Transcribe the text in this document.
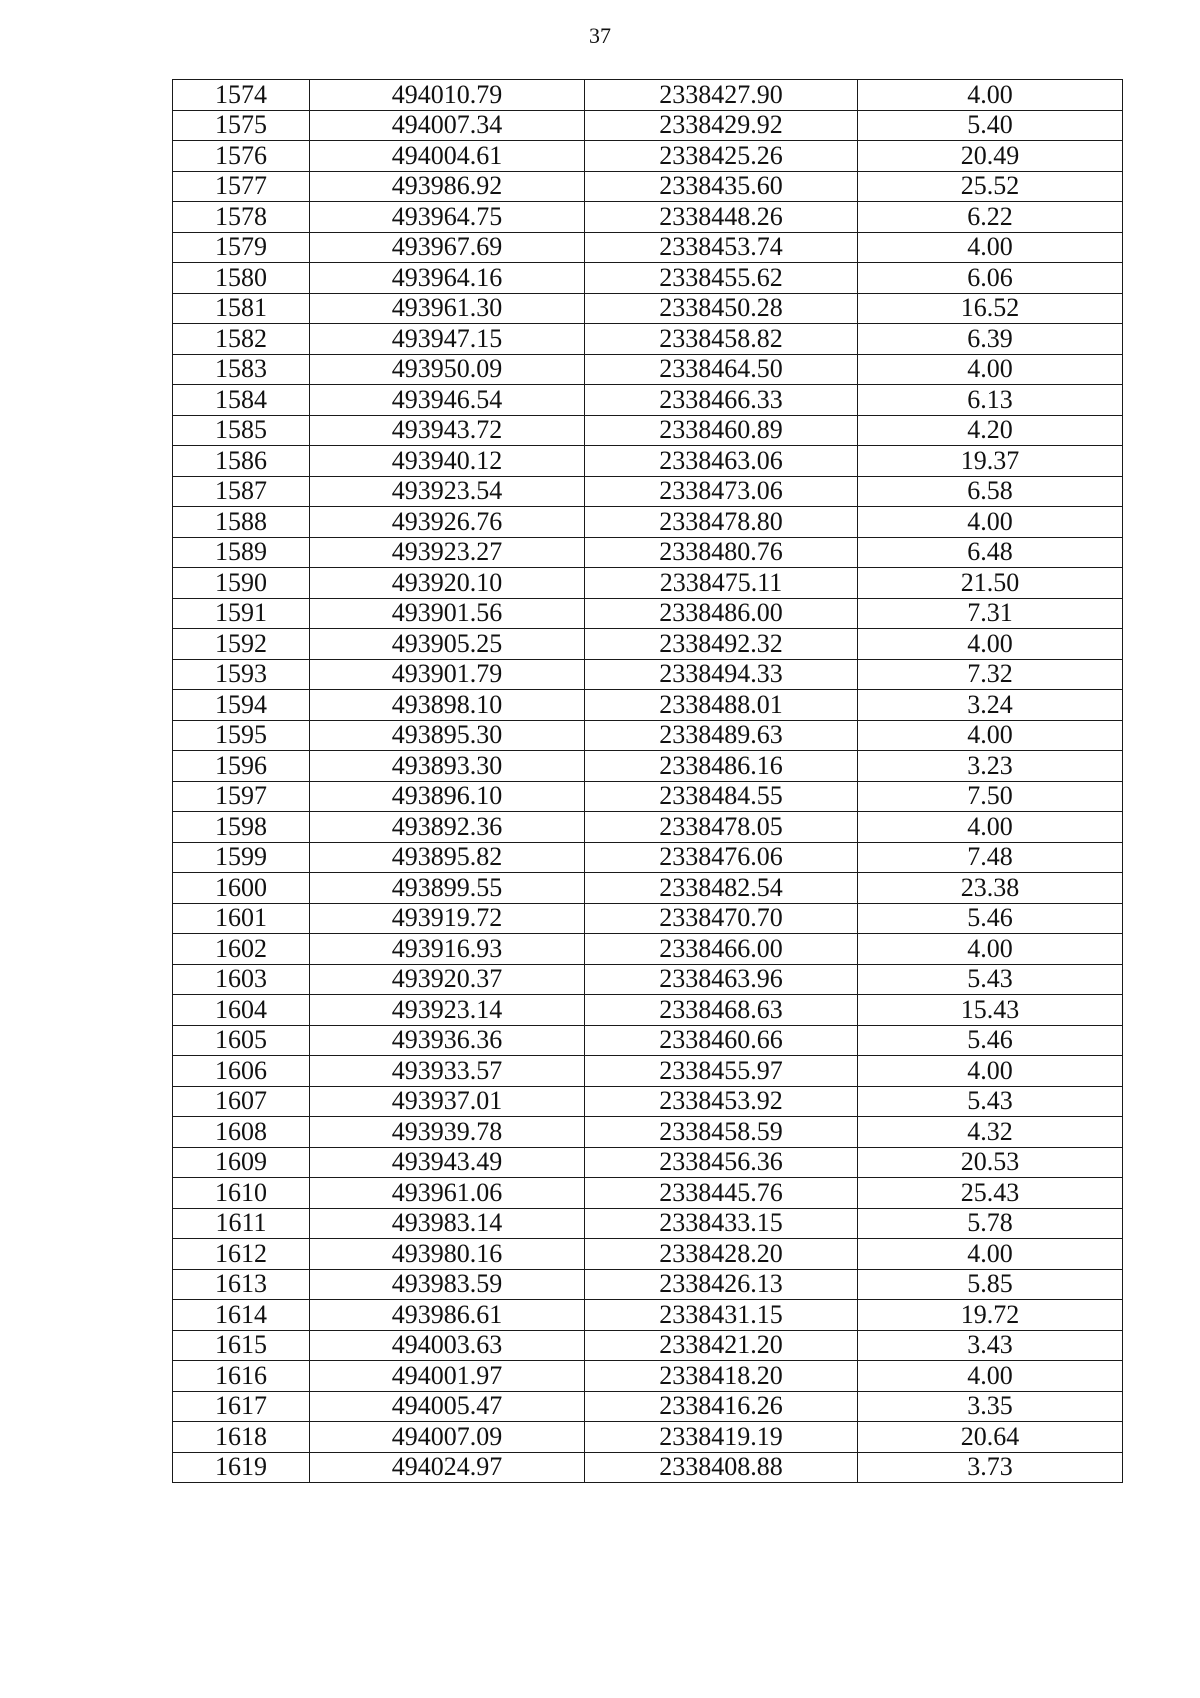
37
1574	494010.79	2338427.90	4.00
1575	494007.34	2338429.92	5.40
1576	494004.61	2338425.26	20.49
1577	493986.92	2338435.60	25.52
1578	493964.75	2338448.26	6.22
1579	493967.69	2338453.74	4.00
1580	493964.16	2338455.62	6.06
1581	493961.30	2338450.28	16.52
1582	493947.15	2338458.82	6.39
1583	493950.09	2338464.50	4.00
1584	493946.54	2338466.33	6.13
1585	493943.72	2338460.89	4.20
1586	493940.12	2338463.06	19.37
1587	493923.54	2338473.06	6.58
1588	493926.76	2338478.80	4.00
1589	493923.27	2338480.76	6.48
1590	493920.10	2338475.11	21.50
1591	493901.56	2338486.00	7.31
1592	493905.25	2338492.32	4.00
1593	493901.79	2338494.33	7.32
1594	493898.10	2338488.01	3.24
1595	493895.30	2338489.63	4.00
1596	493893.30	2338486.16	3.23
1597	493896.10	2338484.55	7.50
1598	493892.36	2338478.05	4.00
1599	493895.82	2338476.06	7.48
1600	493899.55	2338482.54	23.38
1601	493919.72	2338470.70	5.46
1602	493916.93	2338466.00	4.00
1603	493920.37	2338463.96	5.43
1604	493923.14	2338468.63	15.43
1605	493936.36	2338460.66	5.46
1606	493933.57	2338455.97	4.00
1607	493937.01	2338453.92	5.43
1608	493939.78	2338458.59	4.32
1609	493943.49	2338456.36	20.53
1610	493961.06	2338445.76	25.43
1611	493983.14	2338433.15	5.78
1612	493980.16	2338428.20	4.00
1613	493983.59	2338426.13	5.85
1614	493986.61	2338431.15	19.72
1615	494003.63	2338421.20	3.43
1616	494001.97	2338418.20	4.00
1617	494005.47	2338416.26	3.35
1618	494007.09	2338419.19	20.64
1619	494024.97	2338408.88	3.73
